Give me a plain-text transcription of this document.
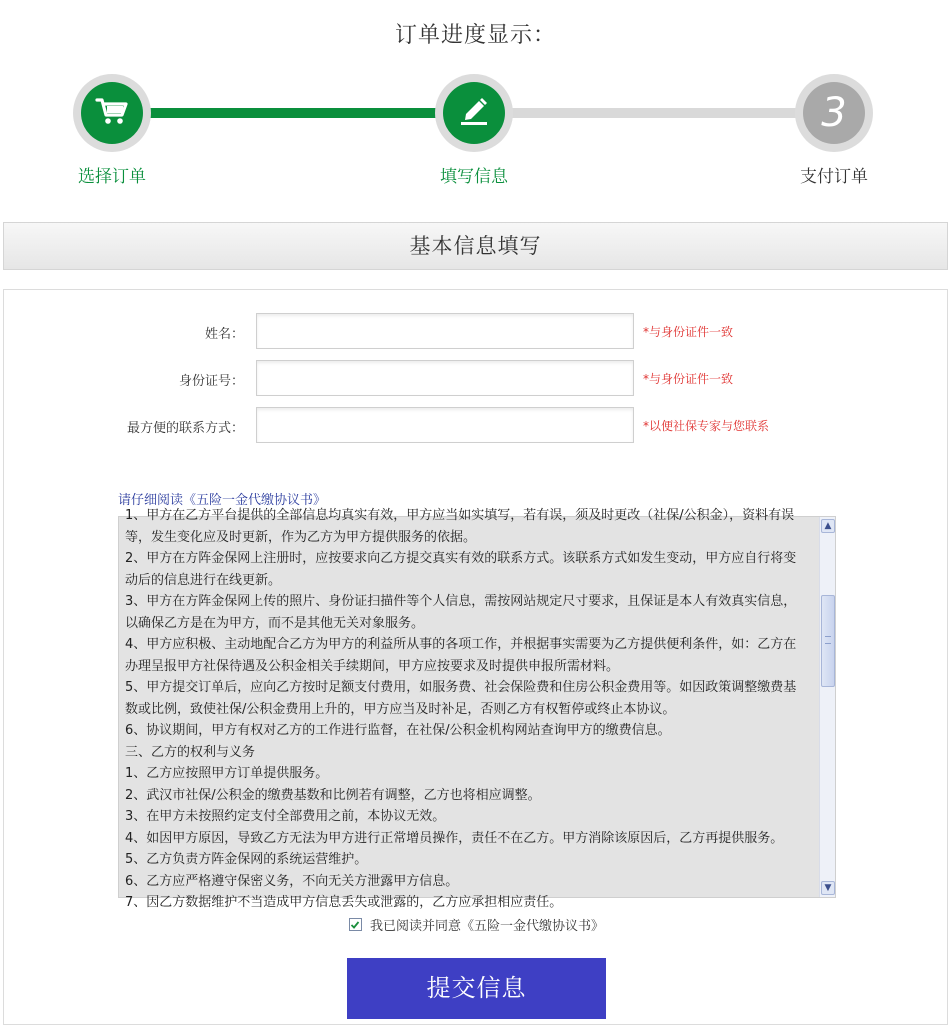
订单进度显示：
3
选择订单	填写信息	支付订单
基本信息填写
姓名：	*与身份证件一致
身份证号：	*与身份证件一致
最方便的联系方式：	*以便社保专家与您联系
请仔细阅读《五险一金代缴协议书》

1、甲方在乙方平台提供的全部信息均真实有效，甲方应当如实填写，若有误，须及时更改（社保/公积金），资料有误

等，发生变化应及时更新，作为乙方为甲方提供服务的依据。

2、甲方在方阵金保网上注册时，应按要求向乙方提交真实有效的联系方式。该联系方式如发生变动，甲方应自行将变

动后的信息进行在线更新。

3、甲方在方阵金保网上传的照片、身份证扫描件等个人信息，需按网站规定尺寸要求，且保证是本人有效真实信息，

以确保乙方是在为甲方，而不是其他无关对象服务。

4、甲方应积极、主动地配合乙方为甲方的利益所从事的各项工作，并根据事实需要为乙方提供便利条件，如：乙方在

办理呈报甲方社保待遇及公积金相关手续期间，甲方应按要求及时提供申报所需材料。

5、甲方提交订单后，应向乙方按时足额支付费用，如服务费、社会保险费和住房公积金费用等。如因政策调整缴费基

数或比例，致使社保/公积金费用上升的，甲方应当及时补足，否则乙方有权暂停或终止本协议。

6、协议期间，甲方有权对乙方的工作进行监督，在社保/公积金机构网站查询甲方的缴费信息。

三、乙方的权利与义务

1、乙方应按照甲方订单提供服务。

2、武汉市社保/公积金的缴费基数和比例若有调整，乙方也将相应调整。

3、在甲方未按照约定支付全部费用之前，本协议无效。

4、如因甲方原因，导致乙方无法为甲方进行正常增员操作，责任不在乙方。甲方消除该原因后，乙方再提供服务。

5、乙方负责方阵金保网的系统运营维护。

6、乙方应严格遵守保密义务，不向无关方泄露甲方信息。

7、因乙方数据维护不当造成甲方信息丢失或泄露的，乙方应承担相应责任。

▲
▼
我已阅读并同意《五险一金代缴协议书》
提交信息
